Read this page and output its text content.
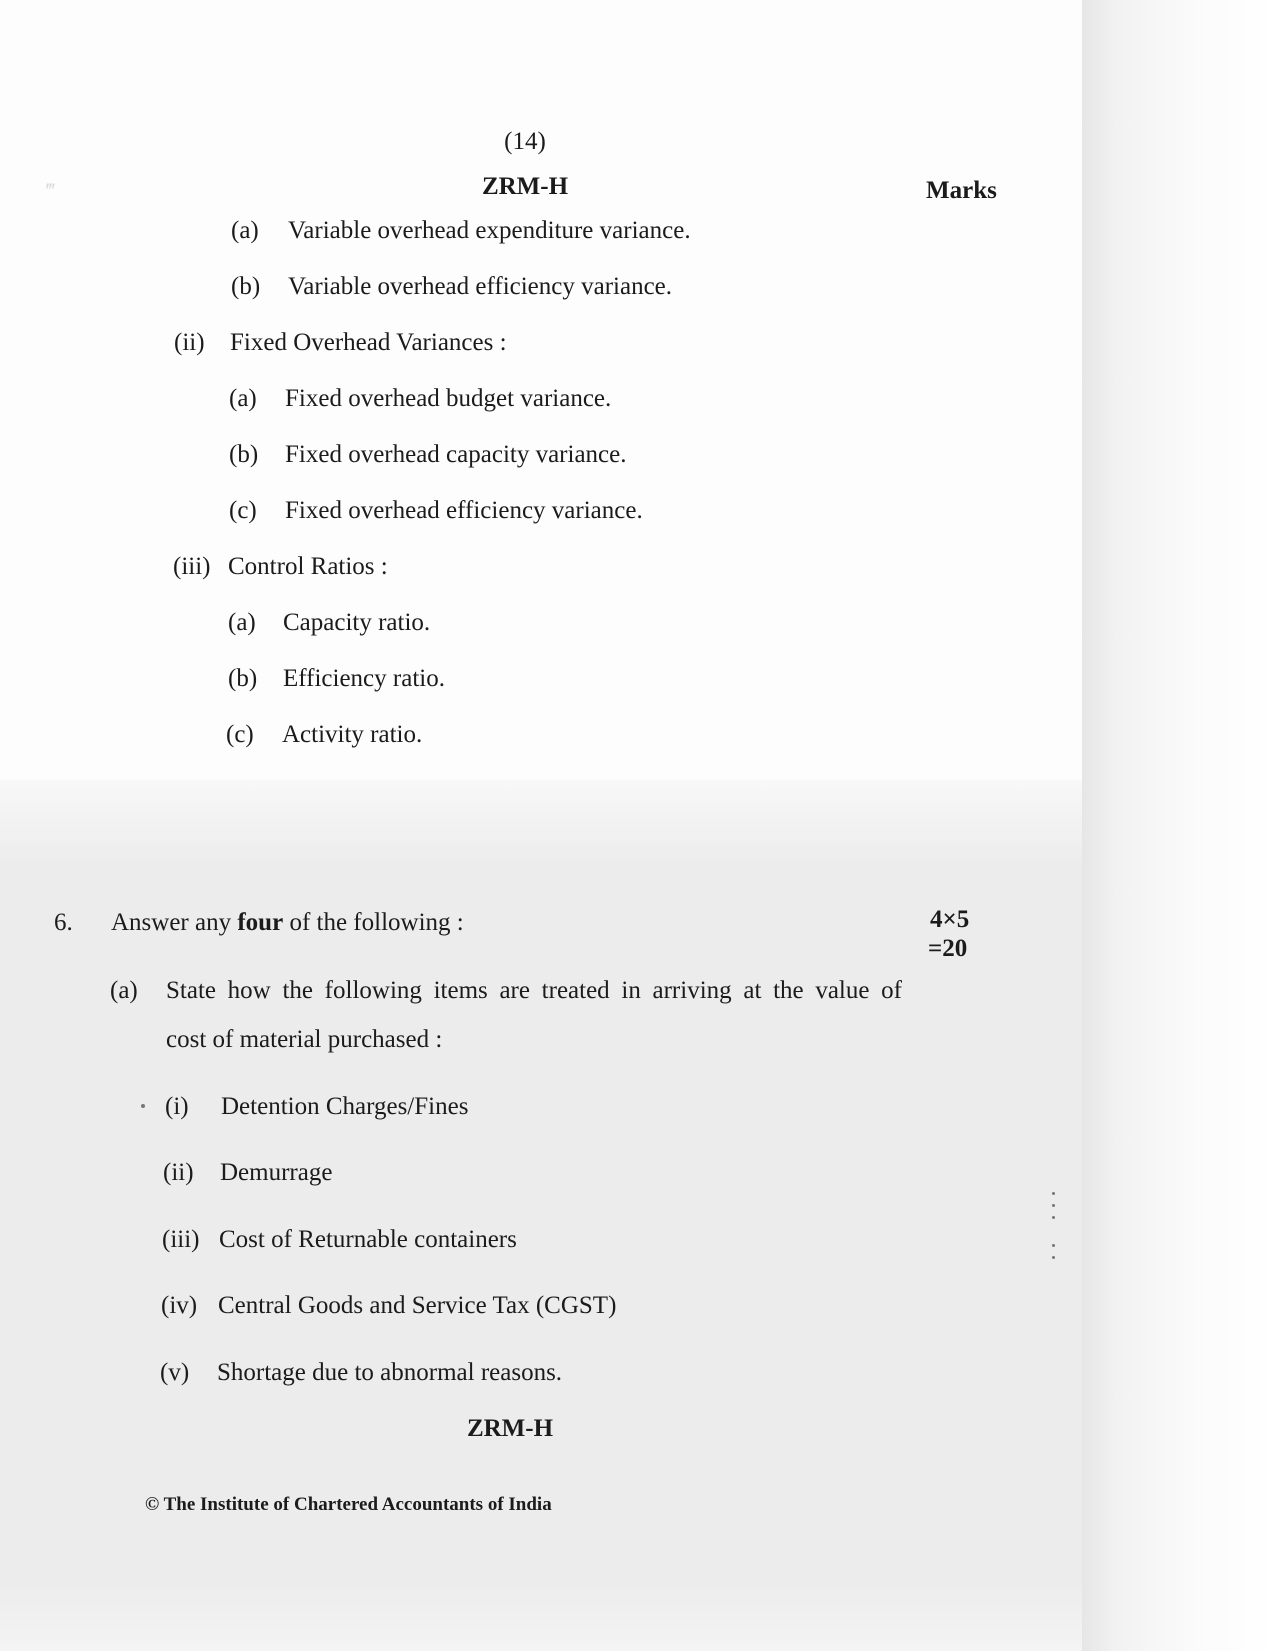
‴
(14)
ZRM-H	Marks
(a) Variable overhead expenditure variance.
(b) Variable overhead efficiency variance.
(ii) Fixed Overhead Variances :
(a) Fixed overhead budget variance.
(b) Fixed overhead capacity variance.
(c) Fixed overhead efficiency variance.
(iii) Control Ratios :
(a) Capacity ratio.
(b) Efficiency ratio.
(c) Activity ratio.
6. Answer any four of the following :	4×5
=20
(a) State how the following items are treated in arriving at the value of
cost of material purchased :
(i) Detention Charges/Fines
(ii) Demurrage
(iii) Cost of Returnable containers
(iv) Central Goods and Service Tax (CGST)
(v) Shortage due to abnormal reasons.
ZRM-H
© The Institute of Chartered Accountants of India
